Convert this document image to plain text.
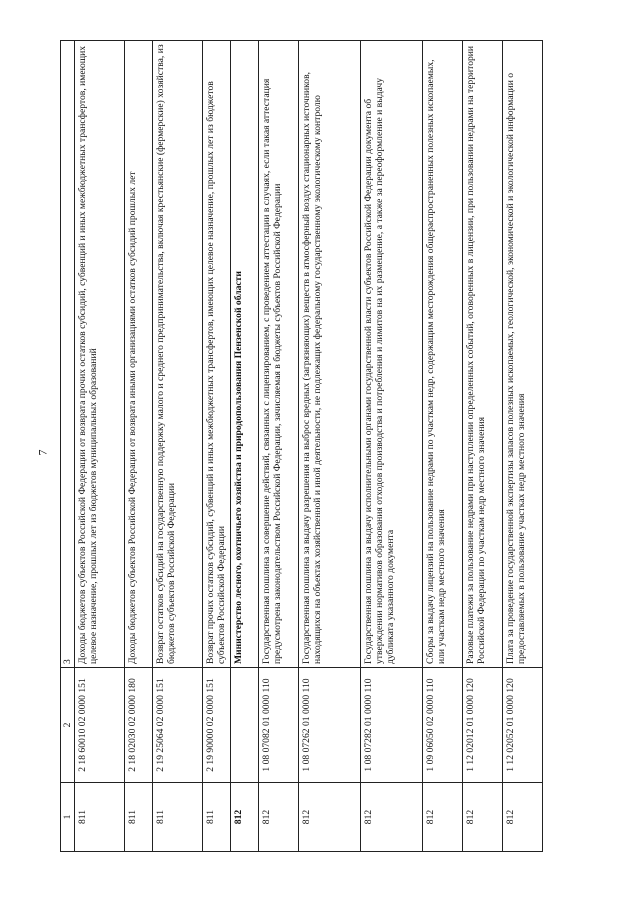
7
1	2	3
811	2 18 60010 02 0000 151	Доходы бюджетов субъектов Российской Федерации от возврата прочих остатков субсидий, субвенций и иных межбюджетных трансфертов, имеющих целевое назначение, прошлых лет из бюджетов муниципальных образований
811	2 18 02030 02 0000 180	Доходы бюджетов субъектов Российской Федерации от возврата иными организациями остатков субсидий прошлых лет
811	2 19 25064 02 0000 151	Возврат остатков субсидий на государственную поддержку малого и среднего предпринимательства, включая крестьянские (фермерские) хозяйства, из бюджетов субъектов Российской Федерации
811	2 19 90000 02 0000 151	Возврат прочих остатков субсидий, субвенций и иных межбюджетных трансфертов, имеющих целевое назначение, прошлых лет из бюджетов субъектов Российской Федерации
812		Министерство лесного, охотничьего хозяйства и природопользования Пензенской области
812	1 08 07082 01 0000 110	Государственная пошлина за совершение действий, связанных с лицензированием, с проведением аттестации в случаях, если такая аттестация предусмотрена законодательством Российской Федерации, зачисляемая в бюджеты субъектов Российской Федерации
812	1 08 07262 01 0000 110	Государственная пошлина за выдачу разрешения на выброс вредных (загрязняющих) веществ в атмосферный воздух стационарных источников, находящихся на объектах хозяйственной и иной деятельности, не подлежащих федеральному государственному экологическому контролю
812	1 08 07282 01 0000 110	Государственная пошлина за выдачу исполнительными органами государственной власти субъектов Российской Федерации документа об утверждении нормативов образования отходов производства и потребления и лимитов на их размещение, а также за переоформление и выдачу дубликата указанного документа
812	1 09 06050 02 0000 110	Сборы за выдачу лицензий на пользование недрами по участкам недр, содержащим месторождения общераспространенных полезных ископаемых, или участкам недр местного значения
812	1 12 02012 01 0000 120	Разовые платежи за пользование недрами при наступлении определенных событий, оговоренных в лицензии, при пользовании недрами на территории Российской Федерации по участкам недр местного значения
812	1 12 02052 01 0000 120	Плата за проведение государственной экспертизы запасов полезных ископаемых, геологической, экономической и экологической информации о предоставляемых в пользование участках недр местного значения
